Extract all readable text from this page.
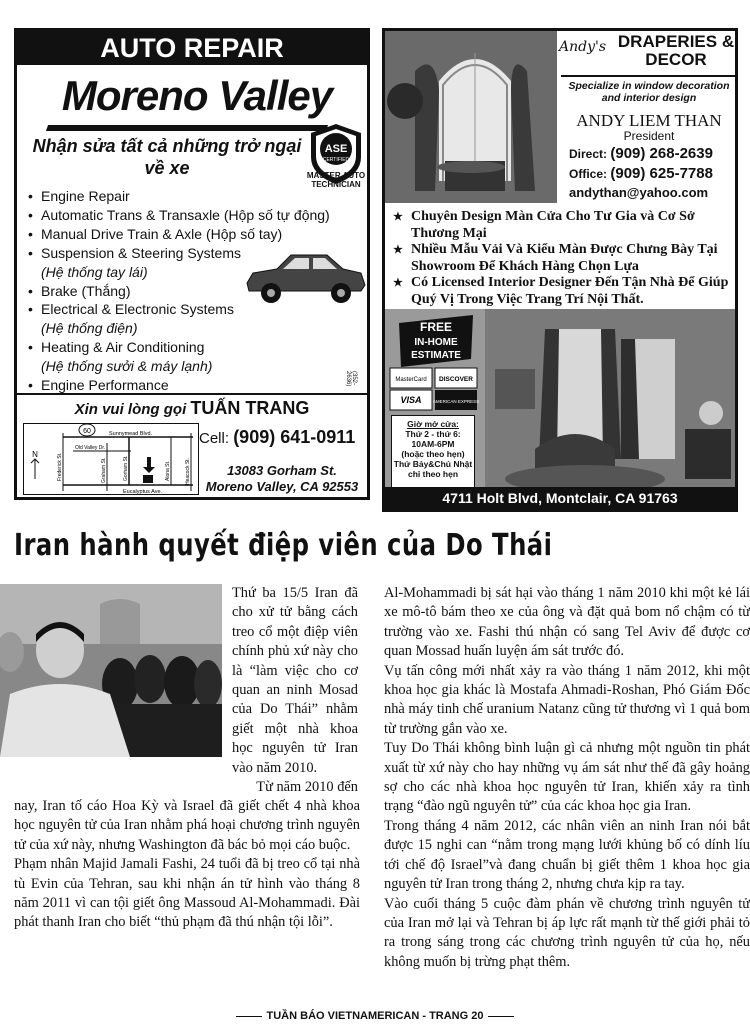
AUTO REPAIR
Moreno Valley
Nhận sửa tất cả những trở ngại về xe
ASE
CERTIFIED
MASTER AUTO TECHNICIAN
• Engine Repair
• Automatic Trans & Transaxle (Hộp số tự động)
• Manual Drive Train & Axle (Hộp số tay)
• Suspension & Steering Systems
(Hệ thống tay lái)
• Brake (Thắng)
• Electrical & Electronic Systems
(Hệ thống điện)
• Heating & Air Conditioning
(Hệ thống sưởi & máy lạnh)
• Engine Performance	(352-2636)
Xin vui lòng gọi TUẤN TRANG
60
N
Sunnymead Blvd.
Old Valley Dr.
Frederick St.	Graham St.	Gorham St.	Alona St.	Heacock St.
Eucalyptus Ave.
Cell: (909) 641-0911
13083 Gorham St.
Moreno Valley, CA 92553
Andy's DRAPERIES & DECOR
Specialize in window decoration and interior design
ANDY LIEM THAN
President
Direct: (909) 268-2639
Office: (909) 625-7788
andythan@yahoo.com
★ Chuyên Design Màn Cửa Cho Tư Gia và Cơ Sở Thương Mại
★ Nhiều Mẫu Vải Và Kiểu Màn Được Chưng Bày Tại Showroom Để Khách Hàng Chọn Lựa
★ Có Licensed Interior Designer Đến Tận Nhà Để Giúp Quý Vị Trong Việc Trang Trí Nội Thất.
FREE
IN-HOME
ESTIMATE
MasterCard DISCOVER
VISA	AMERICAN EXPRESS
Giờ mở cửa:
Thứ 2 - thứ 6:
10AM-6PM
(hoặc theo hẹn)
Thứ Bảy&Chủ Nhật
chỉ theo hẹn
4711 Holt Blvd, Montclair, CA 91763
Iran hành quyết điệp viên của Do Thái

Thứ ba 15/5 Iran đã cho xử tử bằng cách treo cổ một điệp viên chính phủ xứ này cho là “làm việc cho cơ quan an ninh Mosad của Do Thái” nhằm giết một nhà khoa học nguyên tử Iran vào năm 2010.

Từ năm 2010 đến

nay, Iran tố cáo Hoa Kỳ và Israel đã giết chết 4 nhà khoa học nguyên tử của Iran nhằm phá hoại chương trình nguyên tử của xứ này, nhưng Washington đã bác bỏ mọi cáo buộc.

Phạm nhân Majid Jamali Fashi, 24 tuổi đã bị treo cổ tại nhà tù Evin của Tehran, sau khi nhận án tử hình vào tháng 8 năm 2011 vì can tội giết ông Massoud Al-Mohammadi. Đài phát thanh Iran cho biết “thủ phạm đã thú nhận tội lỗi”.

Al-Mohammadi bị sát hại vào tháng 1 năm 2010 khi một kẻ lái xe mô-tô bám theo xe của ông và đặt quả bom nổ chậm có từ trường vào xe. Fashi thú nhận có sang Tel Aviv để được cơ quan Mossad huấn luyện ám sát trước đó.

Vụ tấn công mới nhất xảy ra vào tháng 1 năm 2012, khi một khoa học gia khác là Mostafa Ahmadi-Roshan, Phó Giám Đốc nhà máy tinh chế uranium Natanz cũng tử thương vì 1 quả bom từ trường gắn vào xe.

Tuy Do Thái không bình luận gì cả nhưng một nguồn tin phát xuất từ xứ này cho hay những vụ ám sát như thế đã gây hoảng sợ cho các nhà khoa học nguyên tử Iran, khiến xảy ra tình trạng “đào ngũ nguyên tử” của các khoa học gia Iran.

Trong tháng 4 năm 2012, các nhân viên an ninh Iran nói bắt được 15 nghi can “nằm trong mạng lưới khủng bố có dính líu tới chế độ Israel”và đang chuẩn bị giết thêm 1 khoa học gia nguyên tử Iran trong tháng 2, nhưng chưa kịp ra tay.

Vào cuối tháng 5 cuộc đàm phán về chương trình nguyên tử của Iran mở lại và Tehran bị áp lực rất mạnh từ thế giới phải tỏ ra trong sáng trong các chương trình nguyên tử của họ, nếu không muốn bị trừng phạt thêm.

TUẦN BÁO VIETNAMERICAN - TRANG 20
